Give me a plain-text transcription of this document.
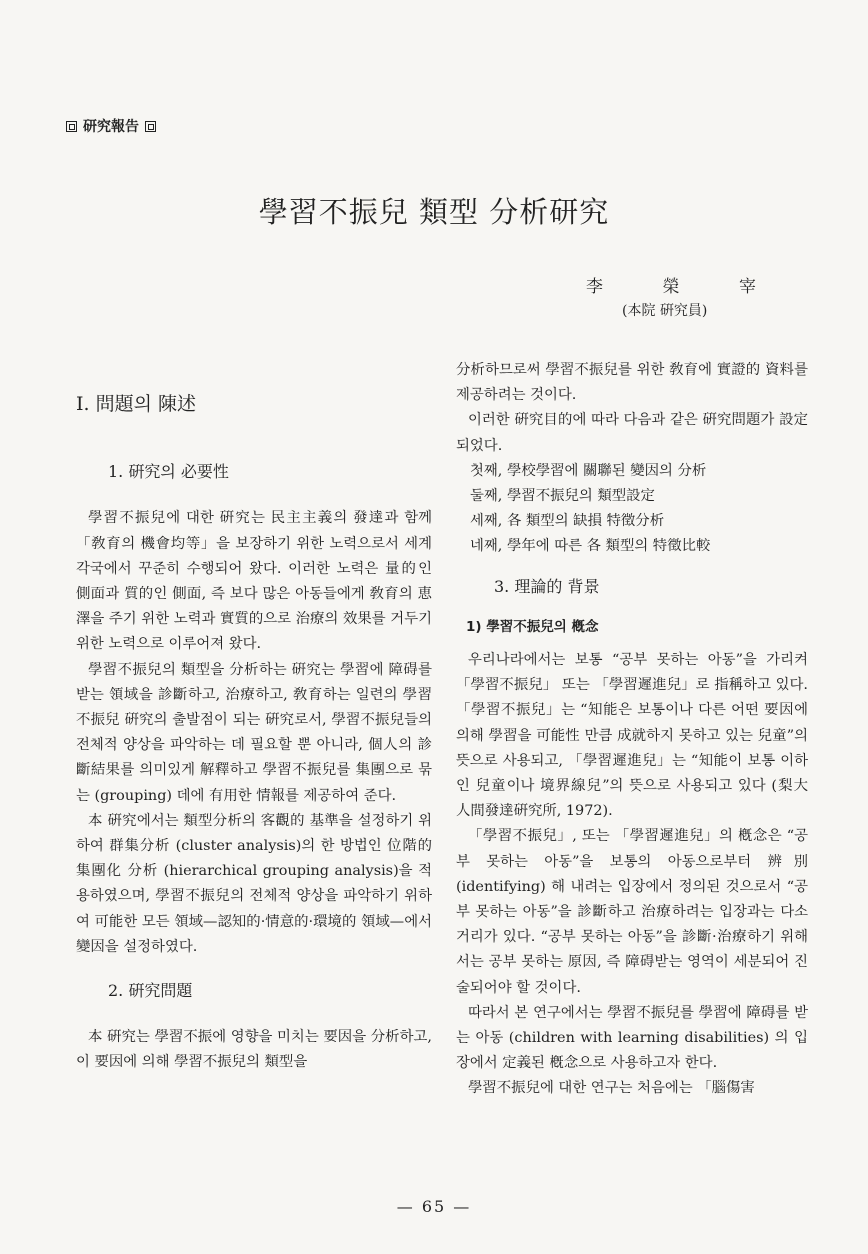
研究報告
學習不振兒 類型 分析研究
李	榮	宰
(本院 硏究員)

Ⅰ. 問題의 陳述

1. 硏究의 必要性

學習不振兒에 대한 硏究는 民主主義의 發達과 함께 「敎育의 機會均等」을 보장하기 위한 노력으로서 세계 각국에서 꾸준히 수행되어 왔다. 이러한 노력은 量的인 側面과 質的인 側面, 즉 보다 많은 아동들에게 敎育의 恵澤을 주기 위한 노력과 實質的으로 治療의 效果를 거두기 위한 노력으로 이루어져 왔다.

學習不振兒의 類型을 分析하는 硏究는 學習에 障碍를 받는 領域을 診斷하고, 治療하고, 敎育하는 일련의 學習不振兒 硏究의 출발점이 되는 硏究로서, 學習不振兒들의 전체적 양상을 파악하는 데 필요할 뿐 아니라, 個人의 診斷結果를 의미있게 解釋하고 學習不振兒를 集團으로 묶는 (grouping) 데에 有用한 情報를 제공하여 준다.

本 硏究에서는 類型分析의 客觀的 基準을 설정하기 위하여 群集分析 (cluster analysis)의 한 방법인 位階的 集團化 分析 (hierarchical grouping analysis)을 적용하였으며, 學習不振兒의 전체적 양상을 파악하기 위하여 可能한 모든 領域—認知的·情意的·環境的 領域—에서 變因을 설정하였다.

2. 硏究問題

本 硏究는 學習不振에 영향을 미치는 要因을 分析하고, 이 要因에 의해 學習不振兒의 類型을

分析하므로써 學習不振兒를 위한 敎育에 實證的 資料를 제공하려는 것이다.

이러한 硏究目的에 따라 다음과 같은 硏究問題가 設定되었다.

첫째, 學校學習에 關聯된 變因의 分析

둘째, 學習不振兒의 類型設定

세째, 各 類型의 缺損 特徵分析

네째, 學年에 따른 各 類型의 特徵比較

3. 理論的 背景

1) 學習不振兒의 槪念

우리나라에서는 보통 “공부 못하는 아동”을 가리켜 「學習不振兒」 또는 「學習遲進兒」로 指稱하고 있다. 「學習不振兒」는 “知能은 보통이나 다른 어떤 要因에 의해 學習을 可能性 만큼 成就하지 못하고 있는 兒童”의 뜻으로 사용되고, 「學習遲進兒」는 “知能이 보통 이하인 兒童이나 境界線兒”의 뜻으로 사용되고 있다 (梨大 人間發達硏究所, 1972).

「學習不振兒」, 또는 「學習遲進兒」의 槪念은 “공부 못하는 아동”을 보통의 아동으로부터 辨別 (identifying) 해 내려는 입장에서 정의된 것으로서 “공부 못하는 아동”을 診斷하고 治療하려는 입장과는 다소 거리가 있다. “공부 못하는 아동”을 診斷·治療하기 위해서는 공부 못하는 原因, 즉 障碍받는 영역이 세분되어 진술되어야 할 것이다.

따라서 본 연구에서는 學習不振兒를 學習에 障碍를 받는 아동 (children with learning disabilities) 의 입장에서 定義된 槪念으로 사용하고자 한다.

學習不振兒에 대한 연구는 처음에는 「腦傷害

— 65 —
